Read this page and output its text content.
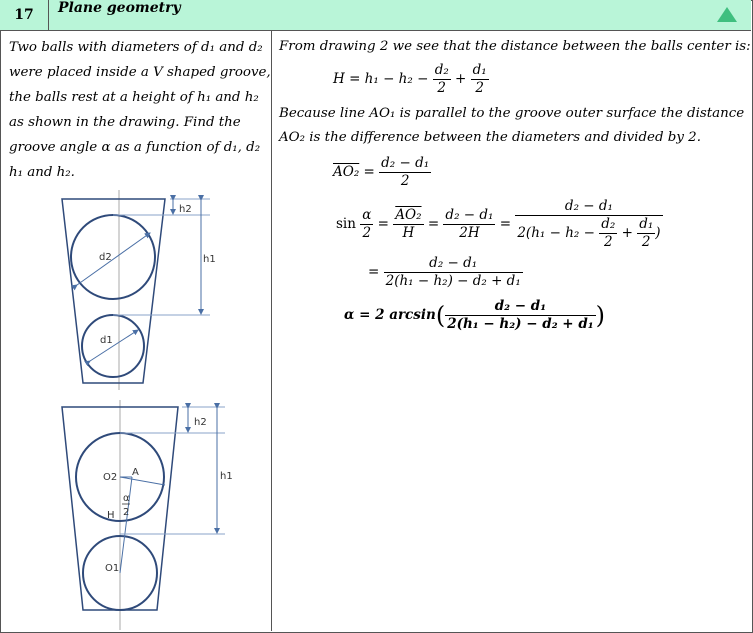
17	Plane geometry
Two balls with diameters of d₁ and d₂
were placed inside a V shaped groove,
the balls rest at a height of h₁ and h₂
as shown in the drawing. Find the
groove angle α as a function of d₁, d₂
h₁ and h₂.
h2
h1
d2
d1
h2
h1
O2 A
H
α
2
O1
From drawing 2 we see that the distance between the balls center is:
$H = h_1 - h_2 - \frac{\text{d₂}}{2} + \frac{\text{d₁}}{2}$
Because line AO₁ is parallel to the groove outer surface the distance
AO₂ is the difference between the diameters and divided by 2.
$AO_2 = \frac{\text{d₂ − d₁}}{2}$
$\sin \frac{\alpha}{2} = \frac{\text{AO₂}}{H} = \frac{\text{d₂ − d₁}}{2H} = \frac{\text{d₂ − d₁}}{2(h_1 - h_2 - \frac{\text{d₂}}{2} + \frac{\text{d₁}}{2} )}$
= $\frac{\text{d₂ − d₁}}{\text{2(h₁ − h₂) − d₂ + d₁}}$
α = 2 $\arcsin( \frac{\text{d₂ − d₁}}{\text{2(h₁ − h₂) − d₂ + d₁}}$ )
